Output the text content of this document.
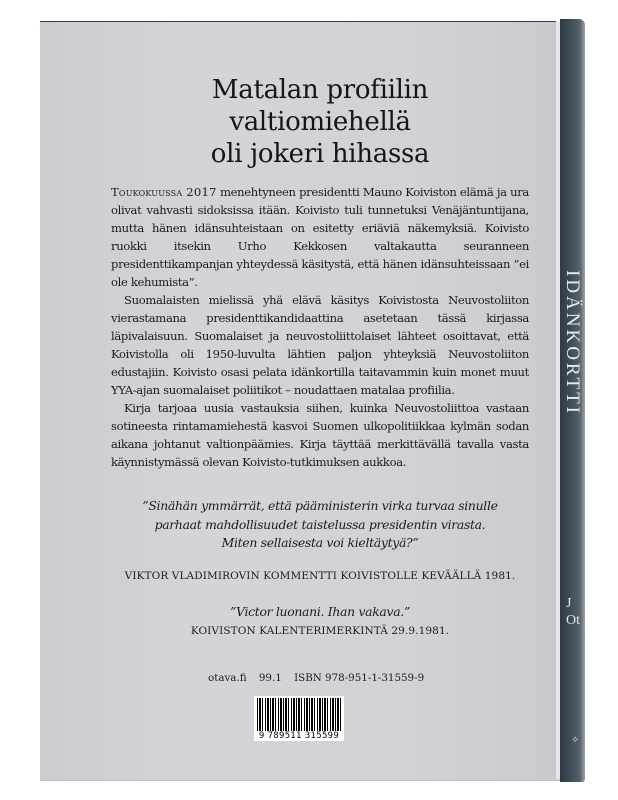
IDÄNKORTTI
J
Ot
✧
Matalan profiilin
valtiomiehellä
oli jokeri hihassa

Toukokuussa 2017 menehtyneen presidentti Mauno Koiviston elämä ja ura olivat vahvasti sidoksissa itään. Koivisto tuli tunnetuksi Venäjäntuntijana, mutta hänen idänsuhteistaan on esitetty eriäviä näkemyksiä. Koivisto ruokki itsekin Urho Kekkosen valtakautta seuranneen presidenttikampanjan yhteydessä käsitystä, että hänen idänsuhteissaan ”ei ole kehumista”.

Suomalaisten mielissä yhä elävä käsitys Koivistosta Neuvostoliiton vierastamana presidenttikandidaattina asetetaan tässä kirjassa läpivalaisuun. Suomalaiset ja neuvostoliittolaiset lähteet osoittavat, että Koivistolla oli 1950-luvulta lähtien paljon yhteyksiä Neuvostoliiton edustajiin. Koivisto osasi pelata idänkortilla taitavammin kuin monet muut YYA-ajan suomalaiset poliitikot – noudattaen matalaa profiilia.

Kirja tarjoaa uusia vastauksia siihen, kuinka Neuvostoliittoa vastaan sotineesta rintamamiehestä kasvoi Suomen ulkopolitiikkaa kylmän sodan aikana johtanut valtionpäämies. Kirja täyttää merkittävällä tavalla vasta käynnistymässä olevan Koivisto-tutkimuksen aukkoa.

”Sinähän ymmärrät, että pääministerin virka turvaa sinulle
parhaat mahdollisuudet taistelussa presidentin virasta.
Miten sellaisesta voi kieltäytyä?”
VIKTOR VLADIMIROVIN KOMMENTTI KOIVISTOLLE KEVÄÄLLÄ 1981.
”Victor luonani. Ihan vakava.”
KOIVISTON KALENTERIMERKINTÄ 29.9.1981.
otava.fi 99.1 ISBN 978-951-1-31559-9
9 789511 315599
